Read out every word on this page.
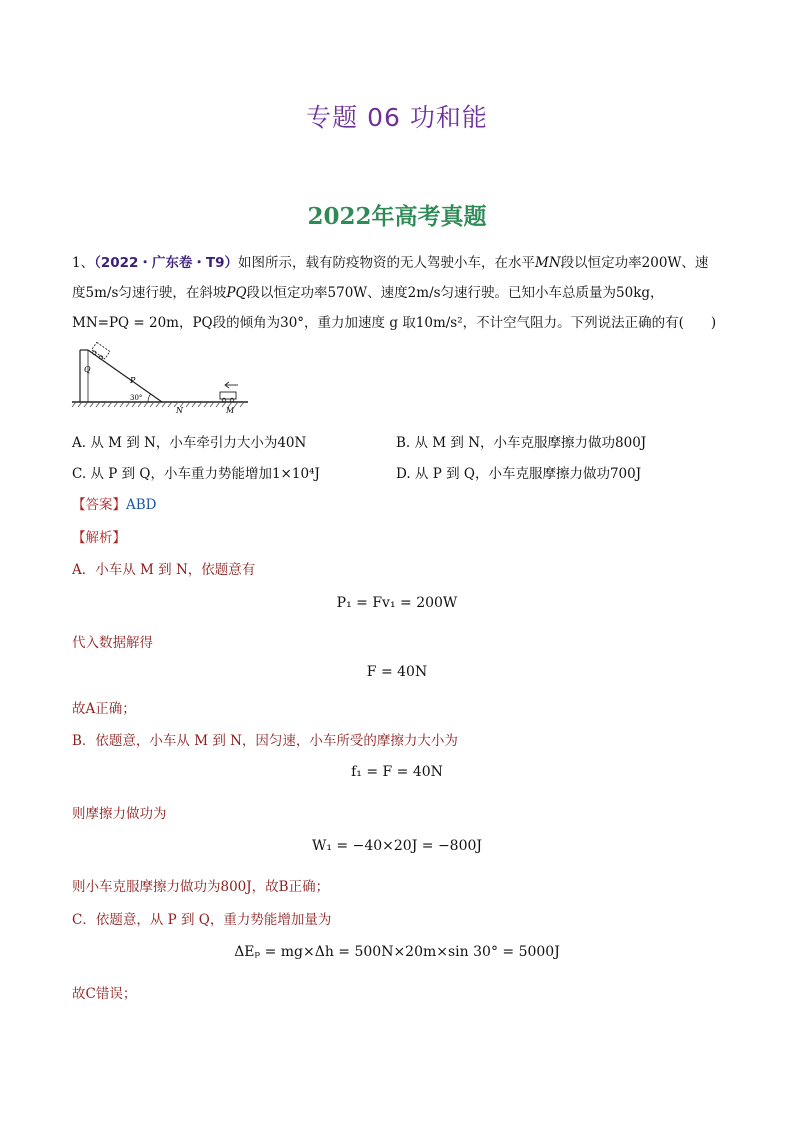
专题 06 功和能
2022年高考真题
1、（2022・广东卷・T9）如图所示，载有防疫物资的无人驾驶小车，在水平MN段以恒定功率200W、速
度5m/s匀速行驶，在斜坡PQ段以恒定功率570W、速度2m/s匀速行驶。已知小车总质量为50kg，
MN=PQ = 20m，PQ段的倾角为30°，重力加速度 g 取10m/s²，不计空气阻力。下列说法正确的有(　　)
Q
P
30°
N	M
A. 从 M 到 N，小车牵引力大小为40N	B. 从 M 到 N，小车克服摩擦力做功800J
C. 从 P 到 Q，小车重力势能增加1×10⁴J	D. 从 P 到 Q，小车克服摩擦力做功700J
【答案】ABD
【解析】
A．小车从 M 到 N，依题意有
P₁ = Fv₁ = 200W
代入数据解得
F = 40N
故A正确；
B．依题意，小车从 M 到 N，因匀速，小车所受的摩擦力大小为
f₁ = F = 40N
则摩擦力做功为
W₁ = −40×20J = −800J
则小车克服摩擦力做功为800J，故B正确；
C．依题意，从 P 到 Q，重力势能增加量为
ΔEₚ = mg×Δh = 500N×20m×sin 30° = 5000J
故C错误；
